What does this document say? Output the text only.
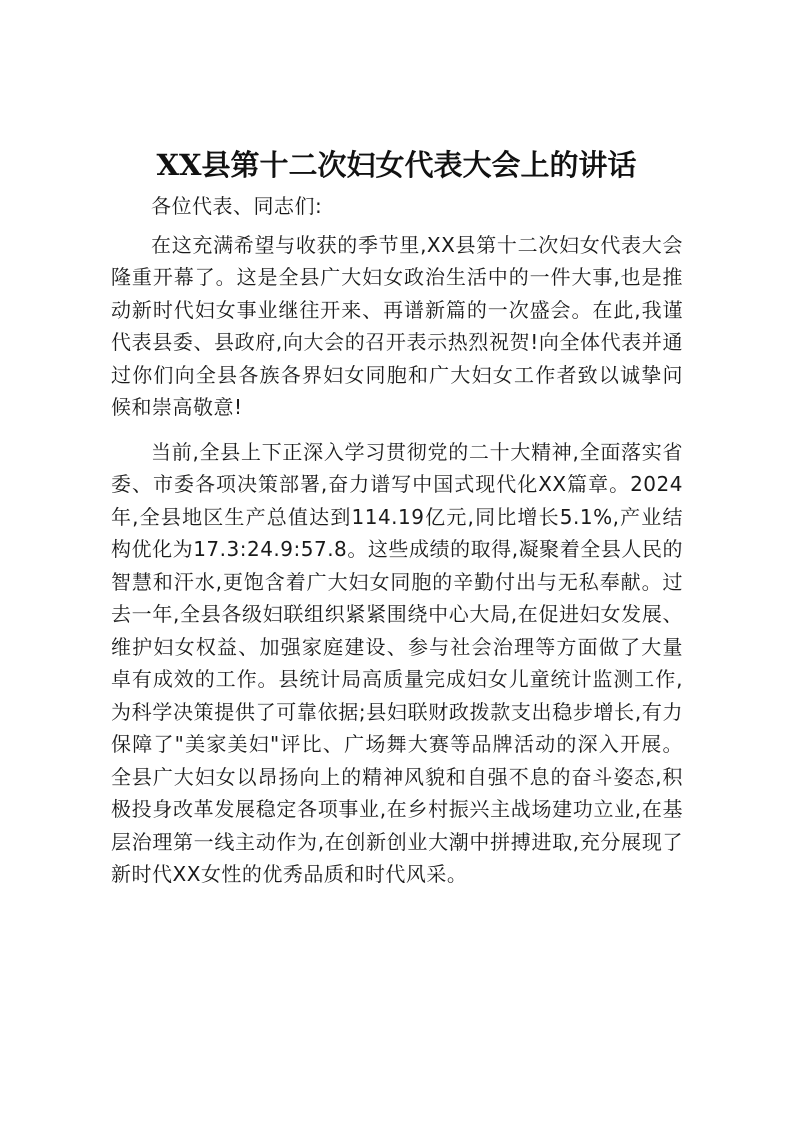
XX县第十二次妇女代表大会上的讲话

各位代表、同志们:

在这充满希望与收获的季节里,XX县第十二次妇女代表大会隆重开幕了。这是全县广大妇女政治生活中的一件大事,也是推动新时代妇女事业继往开来、再谱新篇的一次盛会。在此,我谨代表县委、县政府,向大会的召开表示热烈祝贺!向全体代表并通过你们向全县各族各界妇女同胞和广大妇女工作者致以诚挚问候和崇高敬意!

当前,全县上下正深入学习贯彻党的二十大精神,全面落实省委、市委各项决策部署,奋力谱写中国式现代化XX篇章。2024年,全县地区生产总值达到114.19亿元,同比增长5.1%,产业结构优化为17.3:24.9:57.8。这些成绩的取得,凝聚着全县人民的智慧和汗水,更饱含着广大妇女同胞的辛勤付出与无私奉献。过去一年,全县各级妇联组织紧紧围绕中心大局,在促进妇女发展、维护妇女权益、加强家庭建设、参与社会治理等方面做了大量卓有成效的工作。县统计局高质量完成妇女儿童统计监测工作,为科学决策提供了可靠依据;县妇联财政拨款支出稳步增长,有力保障了"美家美妇"评比、广场舞大赛等品牌活动的深入开展。全县广大妇女以昂扬向上的精神风貌和自强不息的奋斗姿态,积极投身改革发展稳定各项事业,在乡村振兴主战场建功立业,在基层治理第一线主动作为,在创新创业大潮中拼搏进取,充分展现了新时代XX女性的优秀品质和时代风采。
